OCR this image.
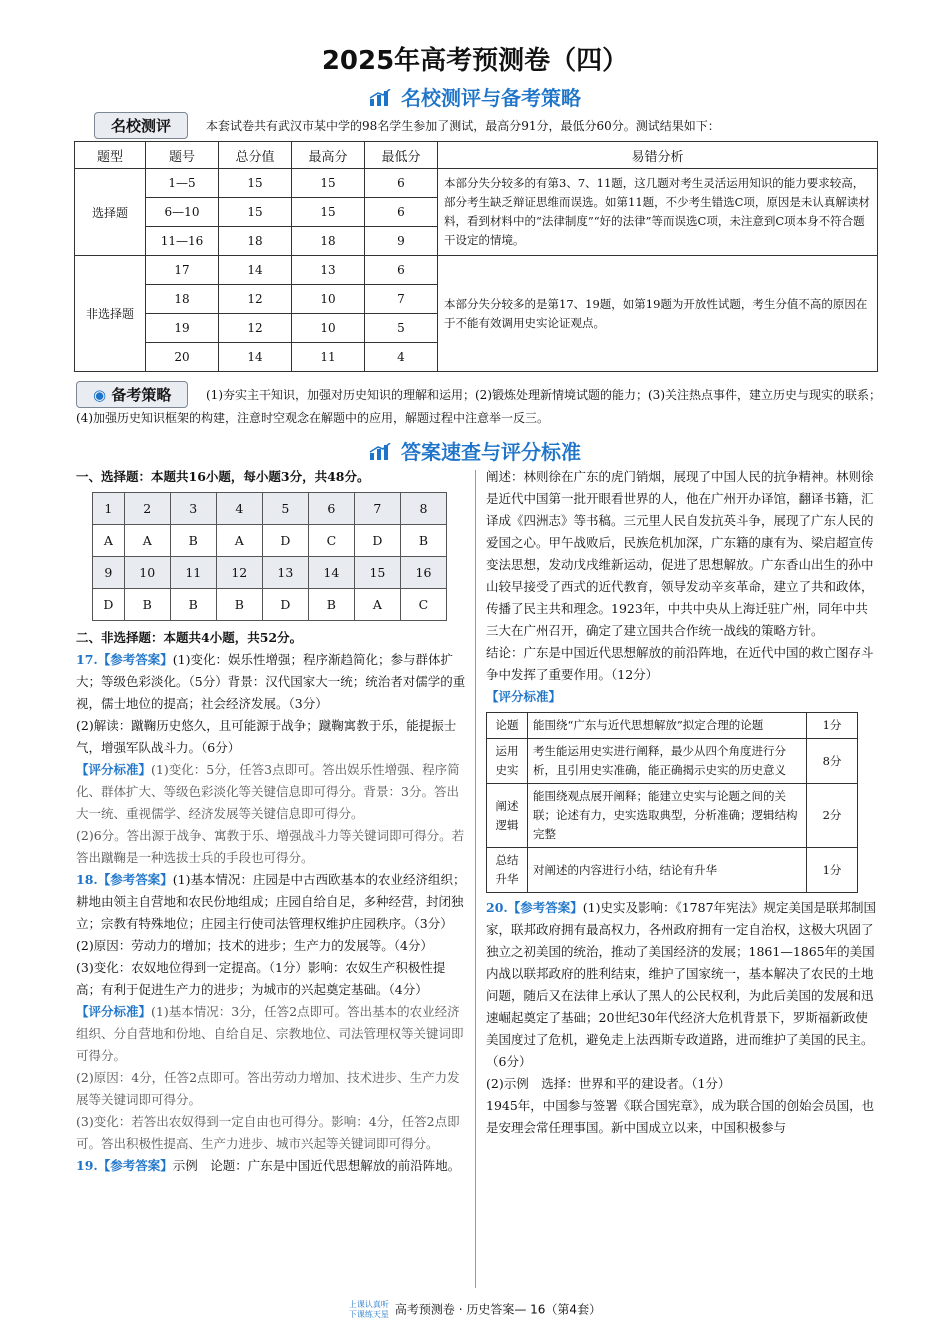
2025年高考预测卷（四）
名校测评与备考策略
名校测评	本套试卷共有武汉市某中学的98名学生参加了测试，最高分91分，最低分60分。测试结果如下：
题型	题号	总分值	最高分	最低分	易错分析
选择题	1—5	15	15	6	本部分失分较多的有第3、7、11题，这几题对考生灵活运用知识的能力要求较高，部分考生缺乏辩证思维而误选。如第11题，不少考生错选C项，原因是未认真解读材料，看到材料中的“法律制度”“好的法律”等而误选C项，未注意到C项本身不符合题干设定的情境。
	6—10	15	15	6	
	11—16	18	18	9	
非选择题	17	14	13	6	本部分失分较多的是第17、19题，如第19题为开放性试题，考生分值不高的原因在于不能有效调用史实论证观点。
	18	12	10	7	
	19	12	10	5	
	20	14	11	4	
◉ 备考策略	(1)夯实主干知识，加强对历史知识的理解和运用；(2)锻炼处理新情境试题的能力；(3)关注热点事件，建立历史与现实的联系；(4)加强历史知识框架的构建，注意时空观念在解题中的应用，解题过程中注意举一反三。
答案速查与评分标准

一、选择题：本题共16小题，每小题3分，共48分。

1	2	3	4	5	6	7	8
A	A	B	A	D	C	D	B
9	10	11	12	13	14	15	16
D	B	B	B	D	B	A	C

二、非选择题：本题共4小题，共52分。

17.【参考答案】(1)变化：娱乐性增强；程序渐趋简化；参与群体扩大；等级色彩淡化。（5分）背景：汉代国家大一统；统治者对儒学的重视，儒士地位的提高；社会经济发展。（3分）

(2)解读：蹴鞠历史悠久，且可能源于战争；蹴鞠寓教于乐，能提振士气，增强军队战斗力。（6分）

【评分标准】(1)变化：5分，任答3点即可。答出娱乐性增强、程序简化、群体扩大、等级色彩淡化等关键信息即可得分。背景：3分。答出大一统、重视儒学、经济发展等关键信息即可得分。

(2)6分。答出源于战争、寓教于乐、增强战斗力等关键词即可得分。若答出蹴鞠是一种选拔士兵的手段也可得分。

18.【参考答案】(1)基本情况：庄园是中古西欧基本的农业经济组织；耕地由领主自营地和农民份地组成；庄园自给自足，多种经营，封闭独立；宗教有特殊地位；庄园主行使司法管理权维护庄园秩序。（3分）

(2)原因：劳动力的增加；技术的进步；生产力的发展等。（4分）

(3)变化：农奴地位得到一定提高。（1分）影响：农奴生产积极性提高；有利于促进生产力的进步；为城市的兴起奠定基础。（4分）

【评分标准】(1)基本情况：3分，任答2点即可。答出基本的农业经济组织、分自营地和份地、自给自足、宗教地位、司法管理权等关键词即可得分。

(2)原因：4分，任答2点即可。答出劳动力增加、技术进步、生产力发展等关键词即可得分。

(3)变化：若答出农奴得到一定自由也可得分。影响：4分，任答2点即可。答出积极性提高、生产力进步、城市兴起等关键词即可得分。

19.【参考答案】示例　 论题：广东是中国近代思想解放的前沿阵地。

阐述：林则徐在广东的虎门销烟，展现了中国人民的抗争精神。林则徐是近代中国第一批开眼看世界的人，他在广州开办译馆，翻译书籍，汇译成《四洲志》等书稿。三元里人民自发抗英斗争，展现了广东人民的爱国之心。甲午战败后，民族危机加深，广东籍的康有为、梁启超宣传变法思想，发动戊戌维新运动，促进了思想解放。广东香山出生的孙中山较早接受了西式的近代教育，领导发动辛亥革命，建立了共和政体，传播了民主共和理念。1923年，中共中央从上海迁驻广州，同年中共三大在广州召开，确定了建立国共合作统一战线的策略方针。

结论：广东是中国近代思想解放的前沿阵地，在近代中国的救亡图存斗争中发挥了重要作用。（12分）

【评分标准】

论题	能围绕“广东与近代思想解放”拟定合理的论题	1分
运用史实	考生能运用史实进行阐释，最少从四个角度进行分析，且引用史实准确，能正确揭示史实的历史意义	8分
阐述逻辑	能围绕观点展开阐释；能建立史实与论题之间的关联；论述有力，史实选取典型，分析准确；逻辑结构完整	2分
总结升华	对阐述的内容进行小结，结论有升华	1分

20.【参考答案】(1)史实及影响：《1787年宪法》规定美国是联邦制国家，联邦政府拥有最高权力，各州政府拥有一定自治权，这极大巩固了独立之初美国的统治，推动了美国经济的发展；1861—1865年的美国内战以联邦政府的胜利结束，维护了国家统一，基本解决了农民的土地问题，随后又在法律上承认了黑人的公民权利，为此后美国的发展和迅速崛起奠定了基础；20世纪30年代经济大危机背景下，罗斯福新政使美国度过了危机，避免走上法西斯专政道路，进而维护了美国的民主。（6分）

(2)示例　选择：世界和平的建设者。（1分）

1945年，中国参与签署《联合国宪章》，成为联合国的创始会员国，也是安理会常任理事国。新中国成立以来，中国积极参与

上课认真听
下课练天星 高考预测卷 · 历史答案— 16（第4套）
